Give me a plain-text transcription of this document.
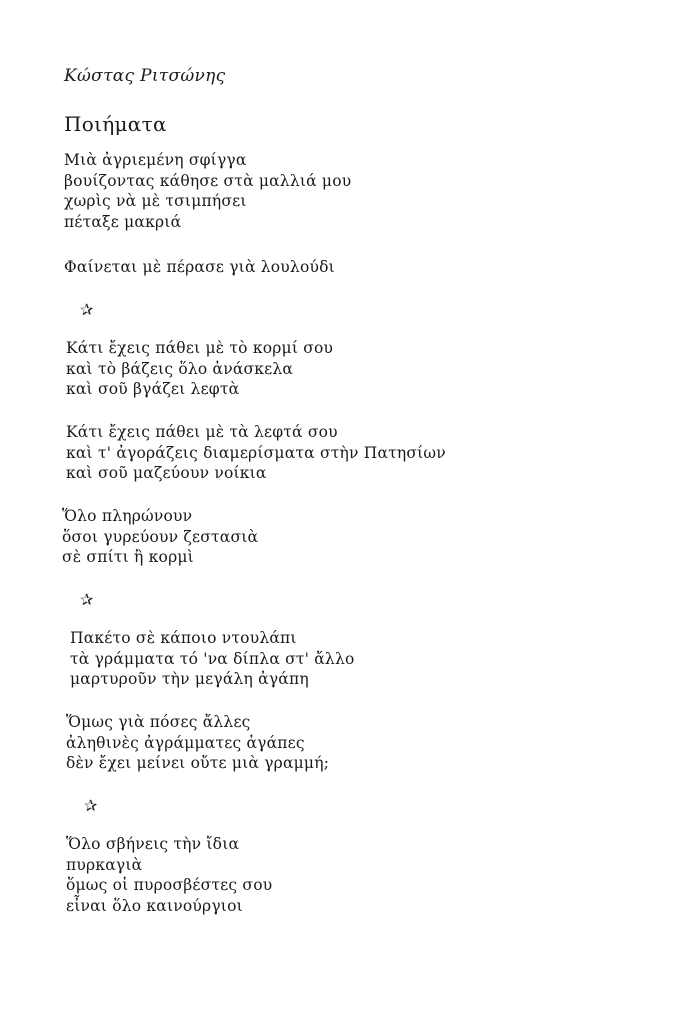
Κώστας Ριτσώνης
Ποιήματα
Μιὰ ἀγριεμένη σφίγγα
βουίζοντας κάθησε στὰ μαλλιά μου
χωρὶς νὰ μὲ τσιμπήσει
πέταξε μακριά
Φαίνεται μὲ πέρασε γιὰ λουλούδι
✰
Κάτι ἔχεις πάθει μὲ τὸ κορμί σου
καὶ τὸ βάζεις ὅλο ἀνάσκελα
καὶ σοῦ βγάζει λεφτὰ
Κάτι ἔχεις πάθει μὲ τὰ λεφτά σου
καὶ τ' ἀγοράζεις διαμερίσματα στὴν Πατησίων
καὶ σοῦ μαζεύουν νοίκια
Ὅλο πληρώνουν
ὅσοι γυρεύουν ζεστασιὰ
σὲ σπίτι ἢ κορμὶ
✰
Πακέτο σὲ κάποιο ντουλάπι
τὰ γράμματα τό 'να δίπλα στ' ἄλλο
μαρτυροῦν τὴν μεγάλη ἀγάπη
Ὅμως γιὰ πόσες ἄλλες
ἀληθινὲς ἀγράμματες ἀγάπες
δὲν ἔχει μείνει οὔτε μιὰ γραμμή;
✰
Ὅλο σβήνεις τὴν ἴδια
πυρκαγιὰ
ὅμως οἱ πυροσβέστες σου
εἶναι ὅλο καινούργιοι
